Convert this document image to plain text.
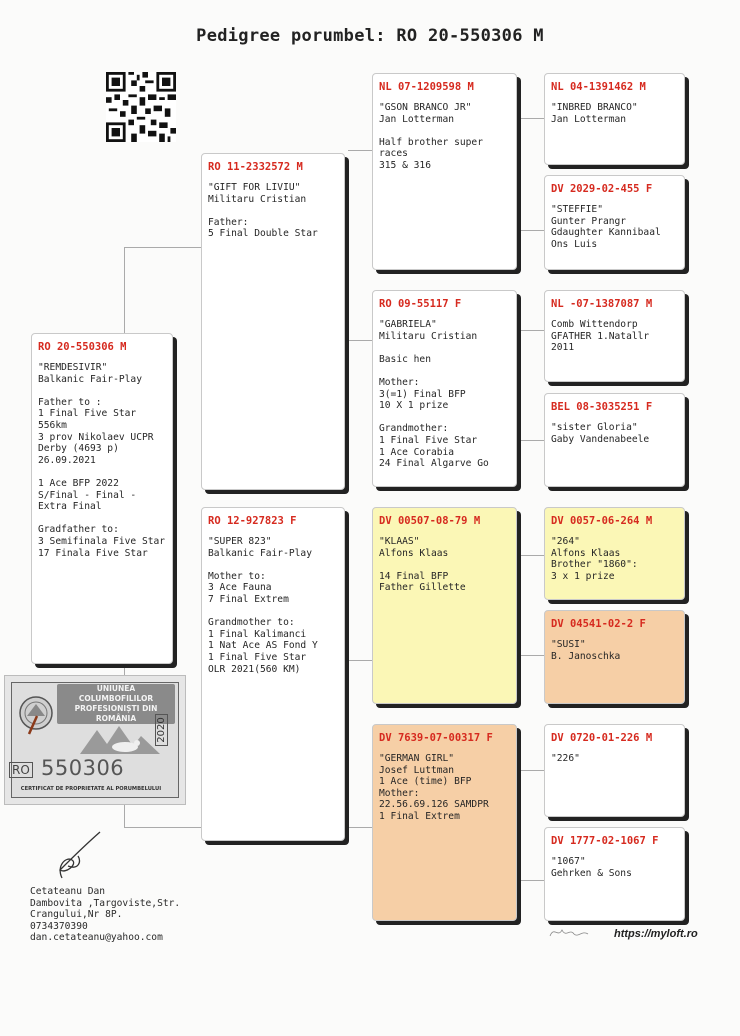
Pedigree porumbel: RO 20-550306 M
RO 20-550306 M
"REMDESIVIR"
Balkanic Fair-Play

Father to :
1 Final Five Star 556km
3 prov Nikolaev UCPR
Derby (4693 p)
26.09.2021

1 Ace BFP 2022
S/Final - Final -
Extra Final

Gradfather to:
3 Semifinala Five Star
17 Finala Five Star
RO 11-2332572 M
"GIFT FOR LIVIU"
Militaru Cristian

Father:
5 Final Double Star
RO 12-927823 F
"SUPER 823"
Balkanic Fair-Play

Mother to:
3 Ace Fauna
7 Final Extrem

Grandmother to:
1 Final Kalimanci
1 Nat Ace AS Fond Y
1 Final Five Star
OLR 2021(560 KM)
NL 07-1209598 M
"GSON BRANCO JR"
Jan Lotterman

Half brother super races
315 & 316
RO 09-55117 F
"GABRIELA"
Militaru Cristian

Basic hen

Mother:
3(=1) Final BFP
10 X 1 prize

Grandmother:
1 Final Five Star
1 Ace Corabia
24 Final Algarve Go
DV 00507-08-79 M
"KLAAS"
Alfons Klaas

14 Final BFP
Father Gillette
DV 7639-07-00317 F
"GERMAN GIRL"
Josef Luttman
1 Ace (time) BFP
Mother:
22.56.69.126 SAMDPR
1 Final Extrem
NL 04-1391462 M
"INBRED BRANCO"
Jan Lotterman
DV 2029-02-455 F
"STEFFIE"
Gunter Prangr
Gdaughter Kannibaal
Ons Luis
NL -07-1387087 M
Comb Wittendorp
GFATHER 1.Natallr 2011
BEL 08-3035251 F
"sister Gloria"
Gaby Vandenabeele
DV 0057-06-264 M
"264"
Alfons Klaas
Brother "1860":
3 x 1 prize
DV 04541-02-2 F
"SUSI"
B. Janoschka
DV 0720-01-226 M
"226"
DV 1777-02-1067 F
"1067"
Gehrken & Sons
UNIUNEA COLUMBOFILILOR PROFESIONIȘTI DIN ROMÂNIA
RO 550306
2020
CERTIFICAT DE PROPRIETATE AL PORUMBELULUI
Cetateanu Dan
Dambovita ,Targoviste,Str.
Crangului,Nr 8P.
0734370390
dan.cetateanu@yahoo.com	https://myloft.ro
